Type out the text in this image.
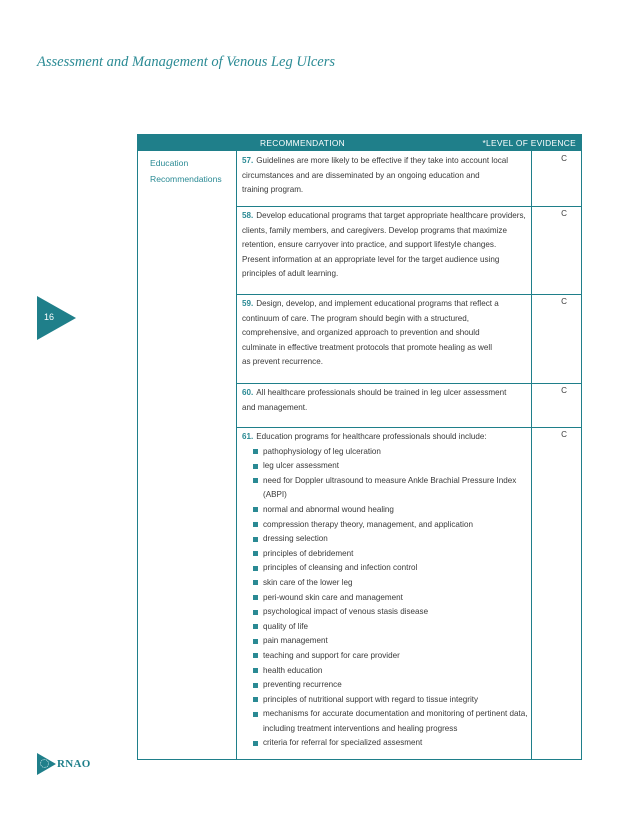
Assessment and Management of Venous Leg Ulcers
RECOMMENDATION	*LEVEL OF EVIDENCE
Education
Recommendations
57. Guidelines are more likely to be effective if they take into account local
circumstances and are disseminated by an ongoing education and
training program.
C
58. Develop educational programs that target appropriate healthcare providers,
clients, family members, and caregivers. Develop programs that maximize
retention, ensure carryover into practice, and support lifestyle changes.
Present information at an appropriate level for the target audience using
principles of adult learning.
C
59. Design, develop, and implement educational programs that reflect a
continuum of care. The program should begin with a structured,
comprehensive, and organized approach to prevention and should
culminate in effective treatment protocols that promote healing as well
as prevent recurrence.
C
60. All healthcare professionals should be trained in leg ulcer assessment
and management.
C
61. Education programs for healthcare professionals should include:
pathophysiology of leg ulceration
leg ulcer assessment
need for Doppler ultrasound to measure Ankle Brachial Pressure Index (ABPI)
normal and abnormal wound healing
compression therapy theory, management, and application
dressing selection
principles of debridement
principles of cleansing and infection control
skin care of the lower leg
peri-wound skin care and management
psychological impact of venous stasis disease
quality of life
pain management
teaching and support for care provider
health education
preventing recurrence
principles of nutritional support with regard to tissue integrity
mechanisms for accurate documentation and monitoring of pertinent data, including treatment interventions and healing progress
criteria for referral for specialized assesment
C
16
RNAO
